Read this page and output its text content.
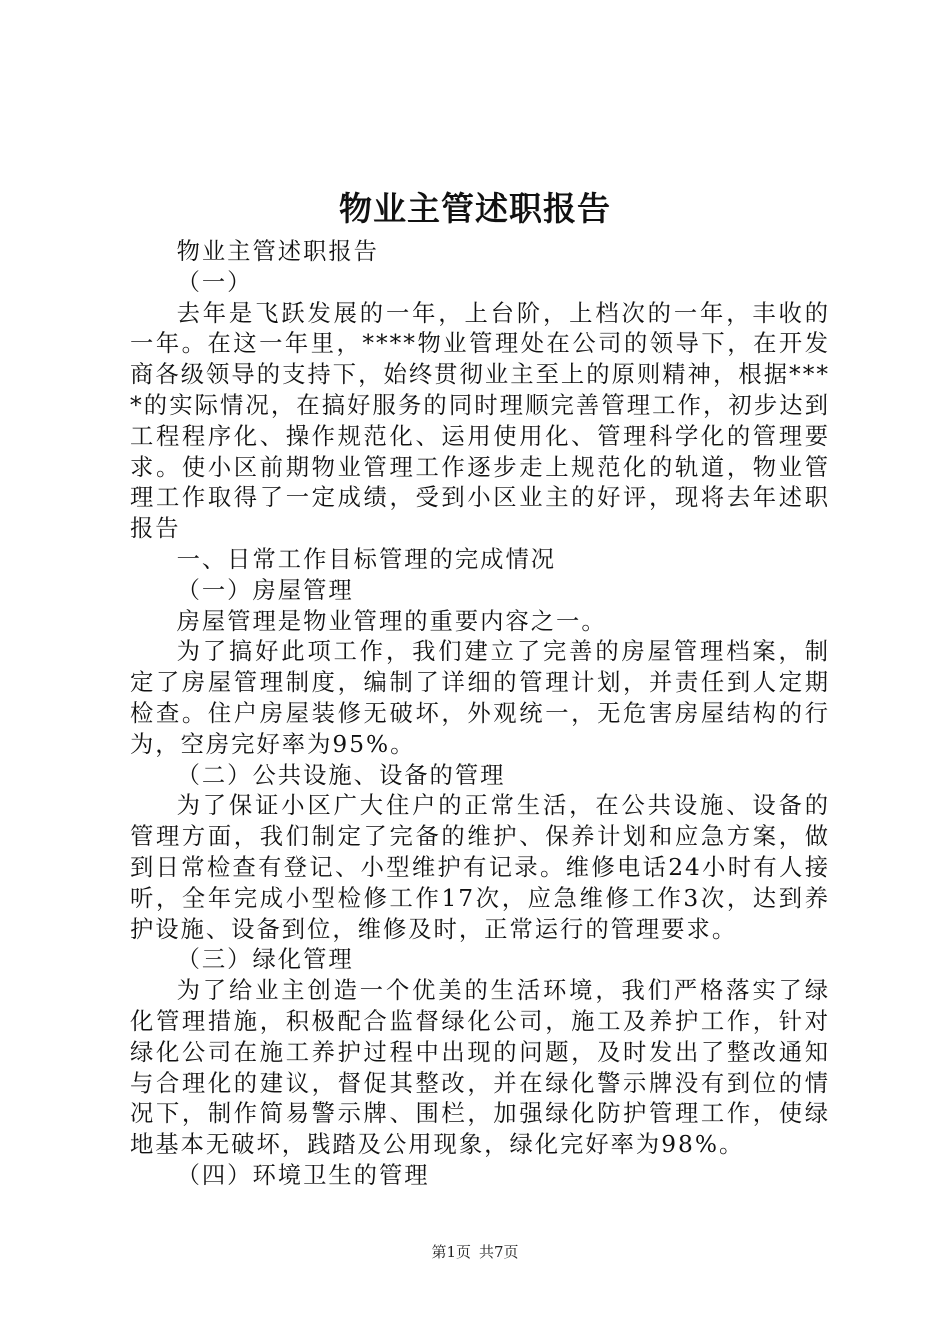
物业主管述职报告

物业主管述职报告

（一）

去年是飞跃发展的一年，上台阶，上档次的一年，丰收的一年。在这一年里，****物业管理处在公司的领导下，在开发商各级领导的支持下，始终贯彻业主至上的原则精神，根据****的实际情况，在搞好服务的同时理顺完善管理工作，初步达到工程程序化、操作规范化、运用使用化、管理科学化的管理要求。使小区前期物业管理工作逐步走上规范化的轨道，物业管理工作取得了一定成绩，受到小区业主的好评，现将去年述职报告

一、日常工作目标管理的完成情况

（一）房屋管理

房屋管理是物业管理的重要内容之一。

为了搞好此项工作，我们建立了完善的房屋管理档案，制定了房屋管理制度，编制了详细的管理计划，并责任到人定期检查。住户房屋装修无破坏，外观统一，无危害房屋结构的行为，空房完好率为95%。

（二）公共设施、设备的管理

为了保证小区广大住户的正常生活，在公共设施、设备的管理方面，我们制定了完备的维护、保养计划和应急方案，做到日常检查有登记、小型维护有记录。维修电话24小时有人接听，全年完成小型检修工作17次，应急维修工作3次，达到养护设施、设备到位，维修及时，正常运行的管理要求。

（三）绿化管理

为了给业主创造一个优美的生活环境，我们严格落实了绿化管理措施，积极配合监督绿化公司，施工及养护工作，针对绿化公司在施工养护过程中出现的问题，及时发出了整改通知与合理化的建议，督促其整改，并在绿化警示牌没有到位的情况下，制作简易警示牌、围栏，加强绿化防护管理工作，使绿地基本无破坏，践踏及公用现象，绿化完好率为98%。

（四）环境卫生的管理

第1页 共7页
